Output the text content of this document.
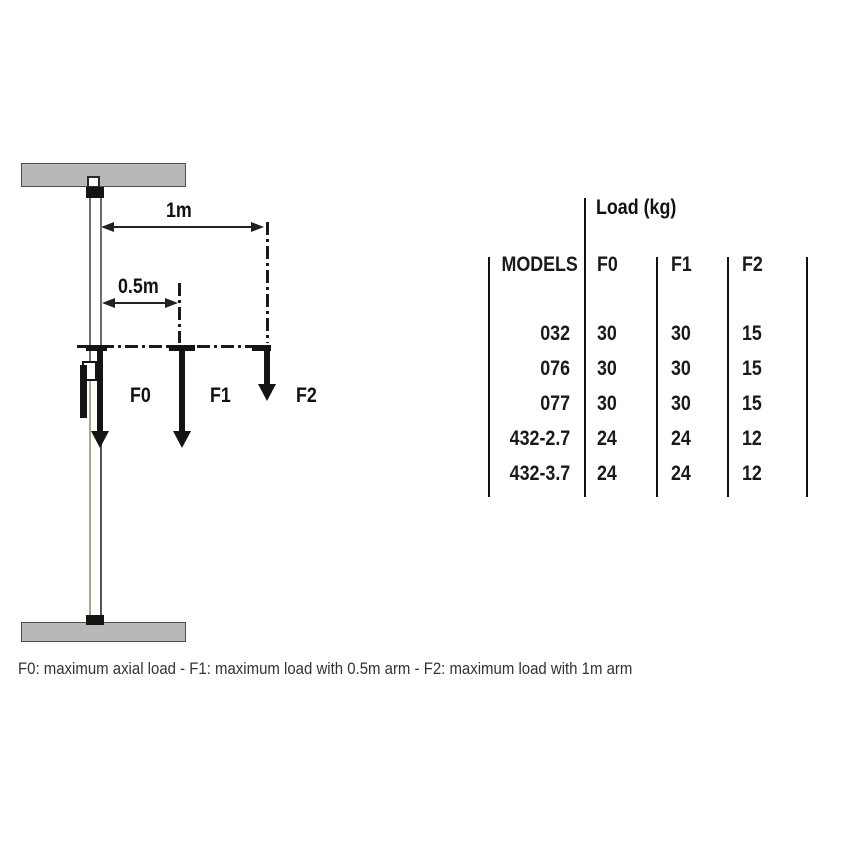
1m
0.5m
F0	F1	F2
Load (kg)
MODELS F0	F1 F2
032 30	30 15
076 30	30 15
077 30	30 15
432-2.7 24	24 12
432-3.7 24	24 12
F0: maximum axial load - F1: maximum load with 0.5m arm - F2: maximum load with 1m arm
